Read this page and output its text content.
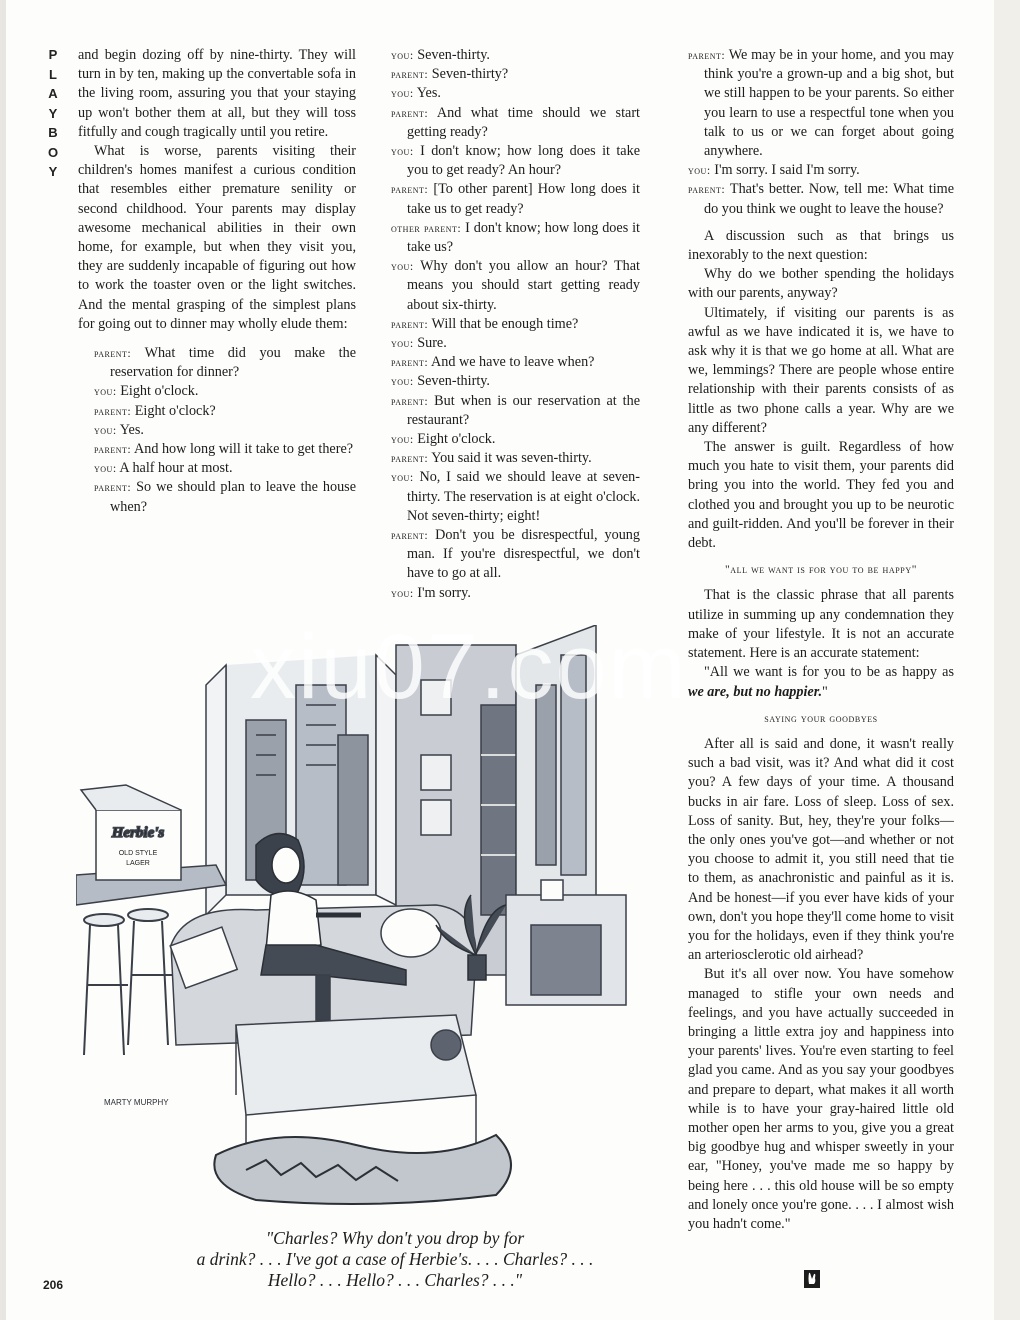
P
L
A
Y
B
O
Y

and begin dozing off by nine-thirty. They will turn in by ten, making up the convertable sofa in the living room, assuring you that your staying up won't bother them at all, but they will toss fitfully and cough tragically until you retire.

What is worse, parents visiting their children's homes manifest a curious condition that resembles either premature senility or second childhood. Your parents may display awesome mechanical abilities in their own home, for example, but when they visit you, they are suddenly incapable of figuring out how to work the toaster oven or the light switches. And the mental grasping of the simplest plans for going out to dinner may wholly elude them:

parent: What time did you make the reservation for dinner?

you: Eight o'clock.

parent: Eight o'clock?

you: Yes.

parent: And how long will it take to get there?

you: A half hour at most.

parent: So we should plan to leave the house when?

you: Seven-thirty.

parent: Seven-thirty?

you: Yes.

parent: And what time should we start getting ready?

you: I don't know; how long does it take you to get ready? An hour?

parent: [To other parent] How long does it take us to get ready?

other parent: I don't know; how long does it take us?

you: Why don't you allow an hour? That means you should start getting ready about six-thirty.

parent: Will that be enough time?

you: Sure.

parent: And we have to leave when?

you: Seven-thirty.

parent: But when is our reservation at the restaurant?

you: Eight o'clock.

parent: You said it was seven-thirty.

you: No, I said we should leave at seven-thirty. The reservation is at eight o'clock. Not seven-thirty; eight!

parent: Don't you be disrespectful, young man. If you're disrespectful, we don't have to go at all.

you: I'm sorry.

parent: We may be in your home, and you may think you're a grown-up and a big shot, but we still happen to be your parents. So either you learn to use a respectful tone when you talk to us or we can forget about going anywhere.

you: I'm sorry. I said I'm sorry.

parent: That's better. Now, tell me: What time do you think we ought to leave the house?

A discussion such as that brings us inexorably to the next question:

Why do we bother spending the holidays with our parents, anyway?

Ultimately, if visiting our parents is as awful as we have indicated it is, we have to ask why it is that we go home at all. What are we, lemmings? There are people whose entire relationship with their parents consists of as little as two phone calls a year. Why are we any different?

The answer is guilt. Regardless of how much you hate to visit them, your parents did bring you into the world. They fed you and clothed you and brought you up to be neurotic and guilt-ridden. And you'll be forever in their debt.

"all we want is for you to be happy"

That is the classic phrase that all parents utilize in summing up any condemnation they make of your lifestyle. It is not an accurate statement. Here is an accurate statement:

"All we want is for you to be as happy as we are, but no happier."

saying your goodbyes

After all is said and done, it wasn't really such a bad visit, was it? And what did it cost you? A few days of your time. A thousand bucks in air fare. Loss of sleep. Loss of sex. Loss of sanity. But, hey, they're your folks—the only ones you've got—and whether or not you choose to admit it, you still need that tie to them, as anachronistic and painful as it is. And be honest—if you ever have kids of your own, don't you hope they'll come home to visit you for the holidays, even if they think you're an arteriosclerotic old airhead?

But it's all over now. You have somehow managed to stifle your own needs and feelings, and you have actually succeeded in bringing a little extra joy and happiness into your parents' lives. You're even starting to feel glad you came. And as you say your goodbyes and prepare to depart, what makes it all worth while is to have your gray-haired little old mother open her arms to you, give you a great big goodbye hug and whisper sweetly in your ear, "Honey, you've made me so happy by being here . . . this old house will be so empty and lonely once you're gone. . . . I almost wish you hadn't come."

Herbie's
OLD STYLE
LAGER
MARTY MURPHY
"Charles? Why don't you drop by for
a drink? . . . I've got a case of Herbie's. . . . Charles? . . .
Hello? . . . Hello? . . . Charles? . . ."
206
xiu07.com
